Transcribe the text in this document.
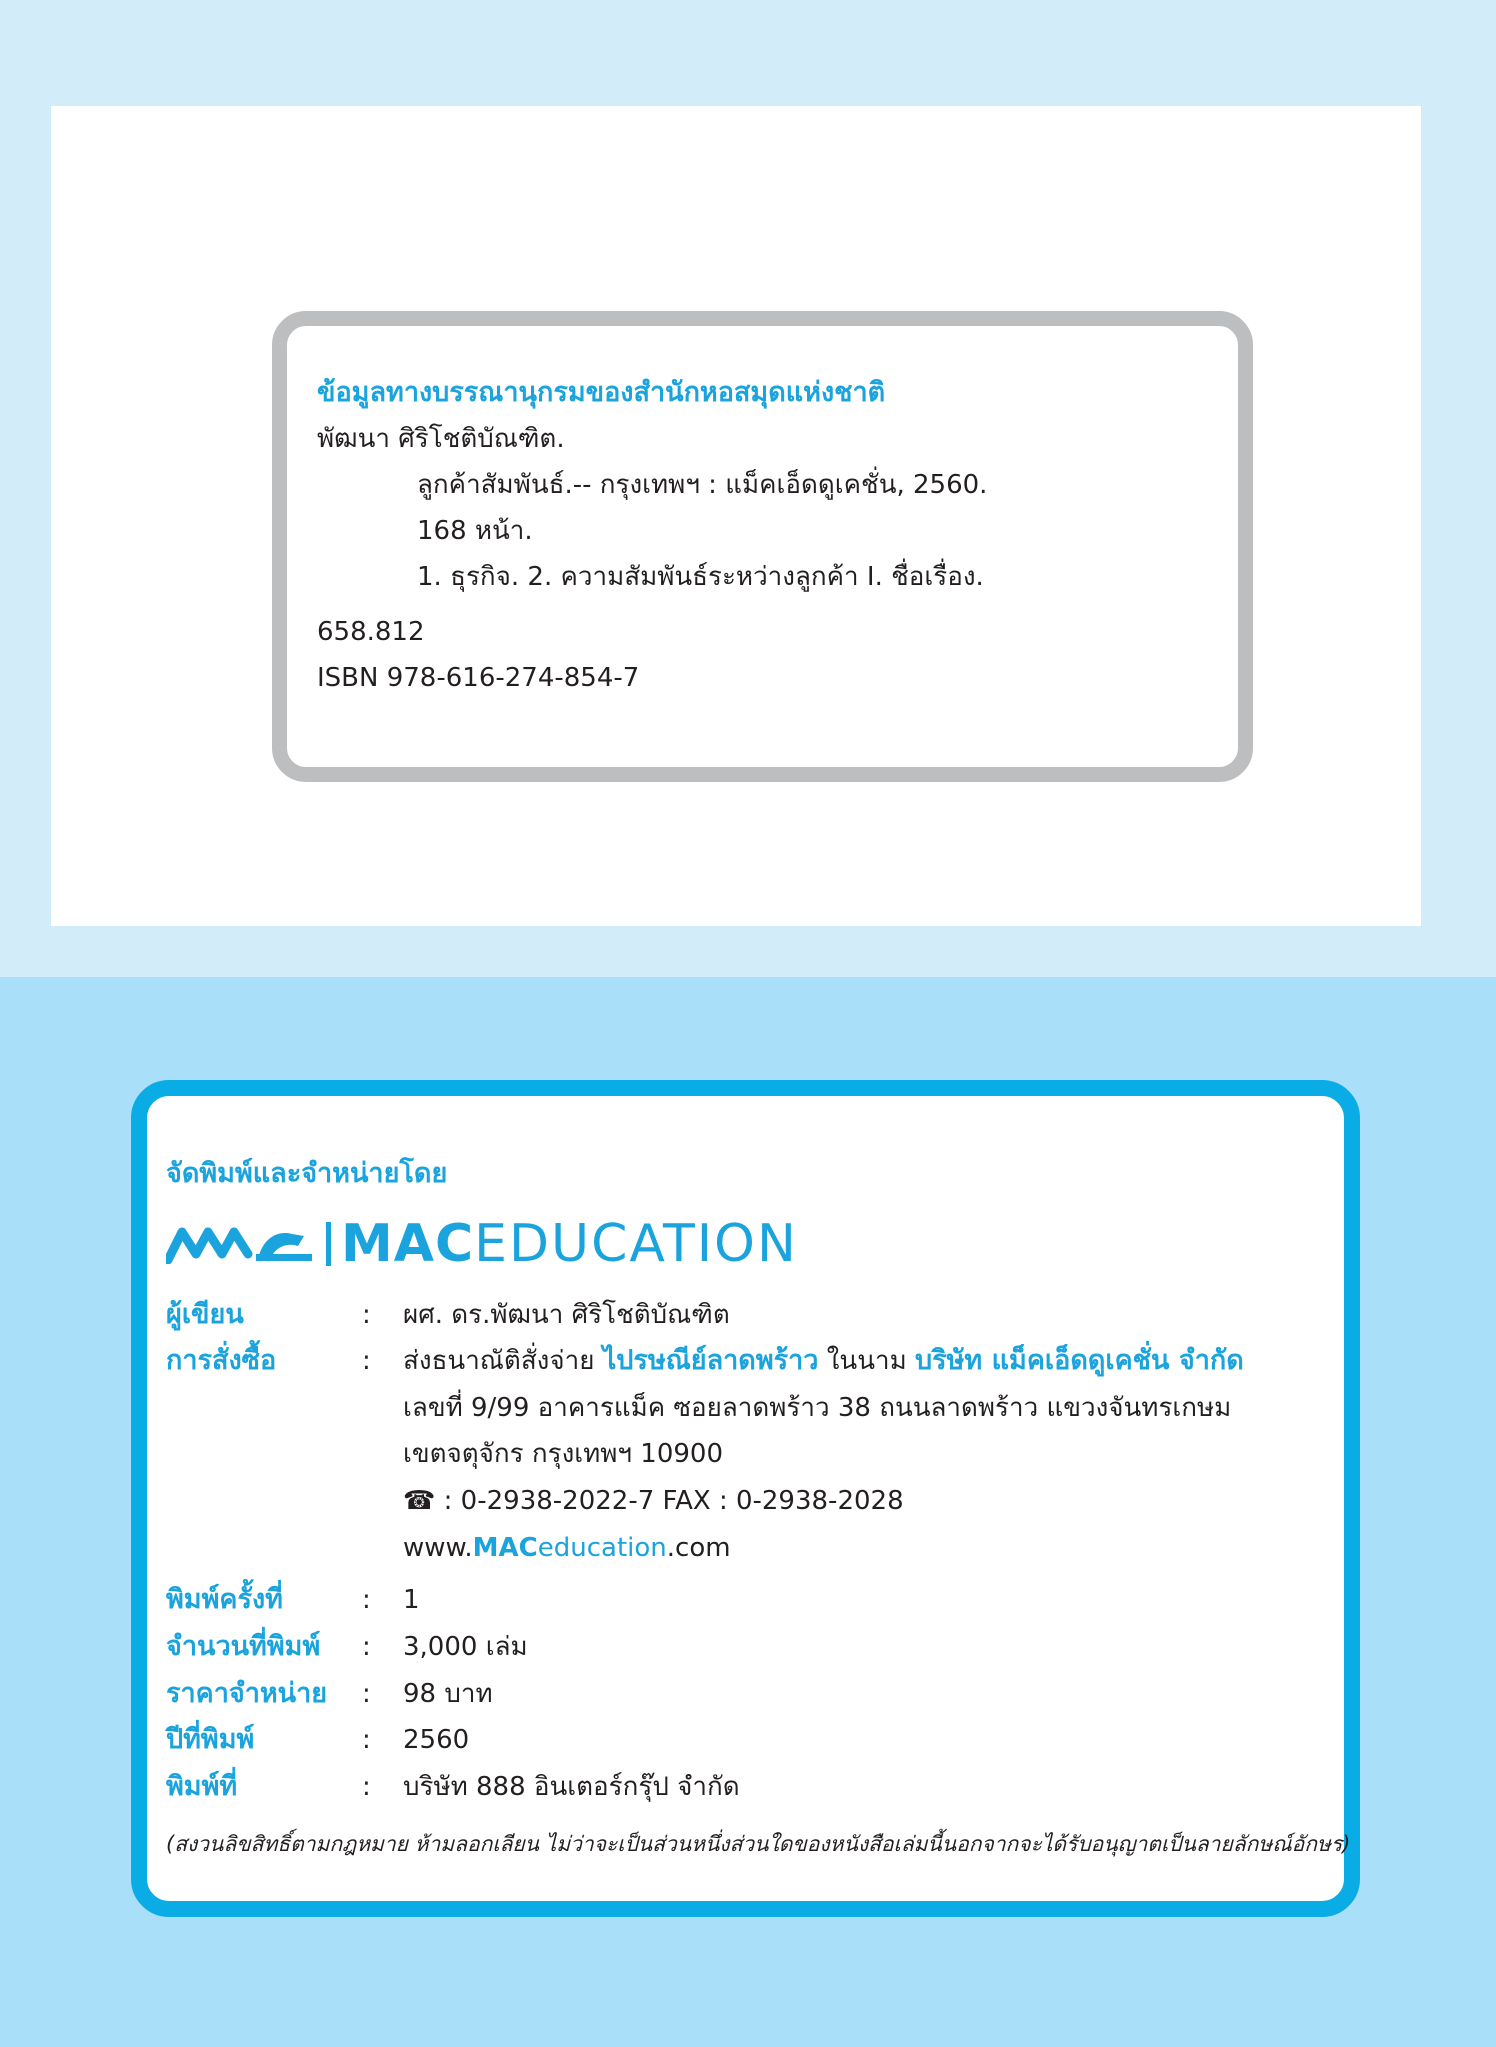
ข้อมูลทางบรรณานุกรมของสำนักหอสมุดแห่งชาติ
พัฒนา ศิริโชติบัณฑิต.
ลูกค้าสัมพันธ์.-- กรุงเทพฯ : แม็คเอ็ดดูเคชั่น, 2560.
168 หน้า.
1. ธุรกิจ. 2. ความสัมพันธ์ระหว่างลูกค้า I. ชื่อเรื่อง.
658.812
ISBN 978-616-274-854-7
จัดพิมพ์และจำหน่ายโดย
MAC EDUCATION
ผู้เขียน
การสั่งซื้อ
พิมพ์ครั้งที่
จำนวนที่พิมพ์
ราคาจำหน่าย
ปีที่พิมพ์
พิมพ์ที่
:
:
:
:
:
:
:
ผศ. ดร.พัฒนา ศิริโชติบัณฑิต
ส่งธนาณัติสั่งจ่าย ไปรษณีย์ลาดพร้าว ในนาม บริษัท แม็คเอ็ดดูเคชั่น จำกัด
เลขที่ 9/99 อาคารแม็ค ซอยลาดพร้าว 38 ถนนลาดพร้าว แขวงจันทรเกษม
เขตจตุจักร กรุงเทพฯ 10900
☎ : 0-2938-2022-7 FAX : 0-2938-2028
www.MACeducation.com
1
3,000 เล่ม
98 บาท
2560
บริษัท 888 อินเตอร์กรุ๊ป จำกัด
(สงวนลิขสิทธิ์ตามกฎหมาย ห้ามลอกเลียน ไม่ว่าจะเป็นส่วนหนึ่งส่วนใดของหนังสือเล่มนี้นอกจากจะได้รับอนุญาตเป็นลายลักษณ์อักษร)
